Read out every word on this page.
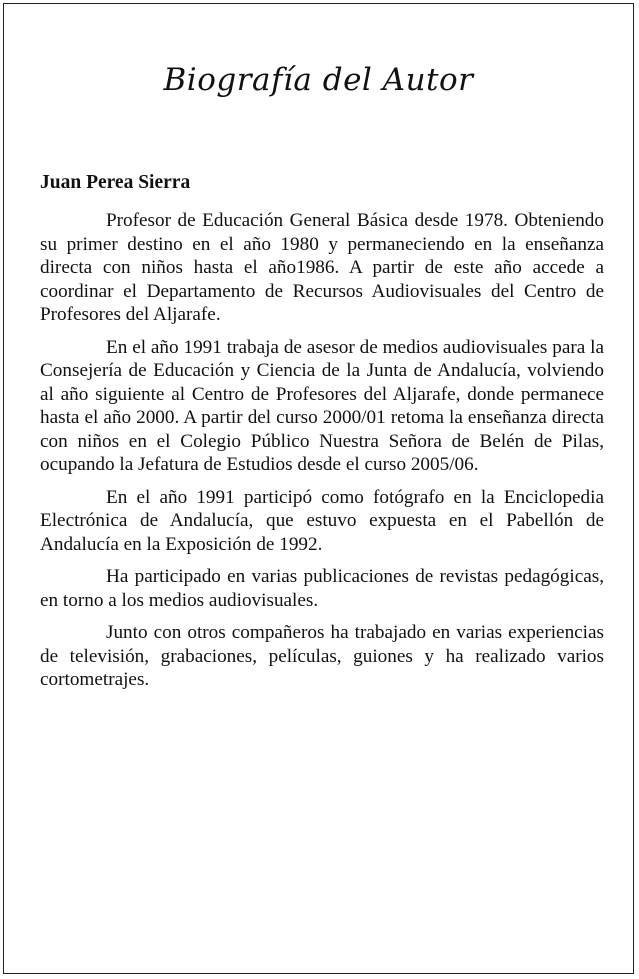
Biografía del Autor
Juan Perea Sierra

Profesor de Educación General Básica desde 1978. Obteniendo su primer destino en el año 1980 y permaneciendo en la enseñanza directa con niños hasta el año1986. A partir de este año accede a coordinar el Departamento de Recursos Audiovisuales del Centro de Profesores del Aljarafe.

En el año 1991 trabaja de asesor de medios audiovisuales para la Consejería de Educación y Ciencia de la Junta de Andalucía, volviendo al año siguiente al Centro de Profesores del Aljarafe, donde permanece hasta el año 2000. A partir del curso 2000/01 retoma la enseñanza directa con niños en el Colegio Público Nuestra Señora de Belén de Pilas, ocupando la Jefatura de Estudios desde el curso 2005/06.

En el año 1991 participó como fotógrafo en la Enciclopedia Electrónica de Andalucía, que estuvo expuesta en el Pabellón de Andalucía en la Exposición de 1992.

Ha participado en varias publicaciones de revistas pedagógicas, en torno a los medios audiovisuales.

Junto con otros compañeros ha trabajado en varias experiencias de televisión, grabaciones, películas, guiones y ha realizado varios cortometrajes.
